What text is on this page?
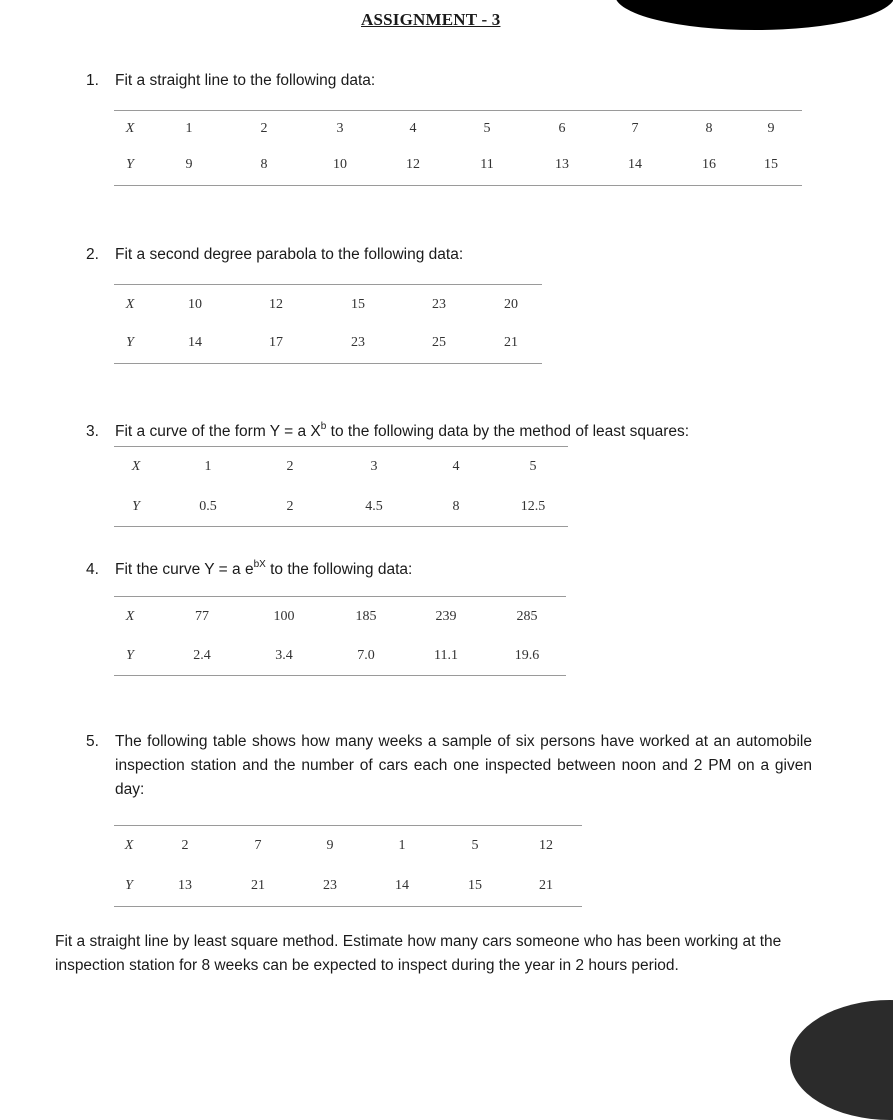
ASSIGNMENT - 3
1.	Fit a straight line to the following data:
X	1	2	3	4	5	6	7	8	9
Y	9	8	10	12	11	13	14	16	15
2.	Fit a second degree parabola to the following data:
X	10	12	15	23	20
Y	14	17	23	25	21
3.	Fit a curve of the form Y = a $X^b$ to the following data by the method of least squares:
X	1	2	3	4	5
Y	0.5	2	4.5	8	12.5
4.	Fit the curve Y = a $e^{bX}$ to the following data:
X	77	100	185	239	285
Y	2.4	3.4	7.0	11.1	19.6
5.	The following table shows how many weeks a sample of six persons have worked at an automobile inspection station and the number of cars each one inspected between noon and 2 PM on a given day:
X	2	7	9	1	5	12
Y	13	21	23	14	15	21
Fit a straight line by least square method. Estimate how many cars someone who has been working at the inspection station for 8 weeks can be expected to inspect during the year in 2 hours period.
